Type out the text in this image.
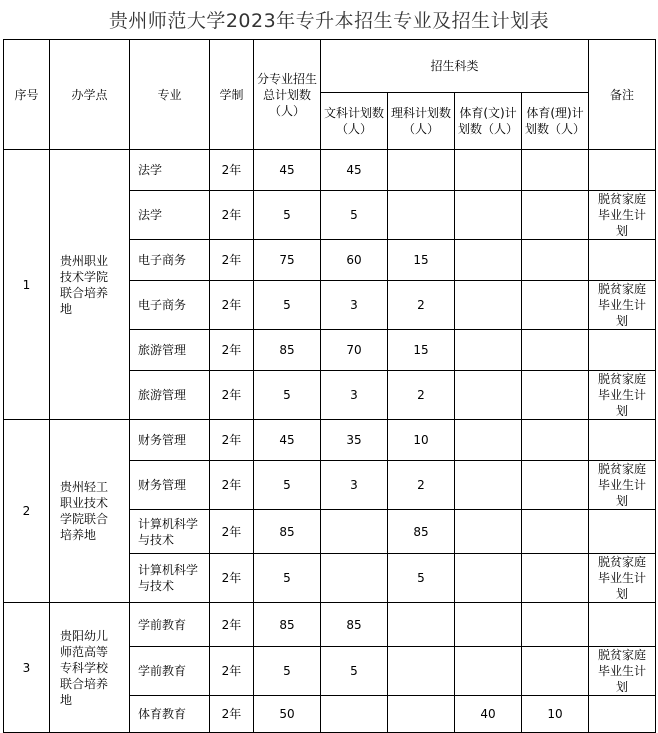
贵州师范大学2023年专升本招生专业及招生计划表
序号	办学点	专业	学制	分专业招生总计划数（人）	招生科类				备注
					文科计划数（人）	理科计划数（人）	体育(文)计划数（人）	体育(理)计划数（人）	
1	贵州职业技术学院联合培养地	法学	2年	45	45				
		法学	2年	5	5				脱贫家庭毕业生计划
		电子商务	2年	75	60	15			
		电子商务	2年	5	3	2			脱贫家庭毕业生计划
		旅游管理	2年	85	70	15			
		旅游管理	2年	5	3	2			脱贫家庭毕业生计划
2	贵州轻工职业技术学院联合培养地	财务管理	2年	45	35	10			
		财务管理	2年	5	3	2			脱贫家庭毕业生计划
		计算机科学与技术	2年	85		85			
		计算机科学与技术	2年	5		5			脱贫家庭毕业生计划
3	贵阳幼儿师范高等专科学校联合培养地	学前教育	2年	85	85				
		学前教育	2年	5	5				脱贫家庭毕业生计划
		体育教育	2年	50			40	10	
